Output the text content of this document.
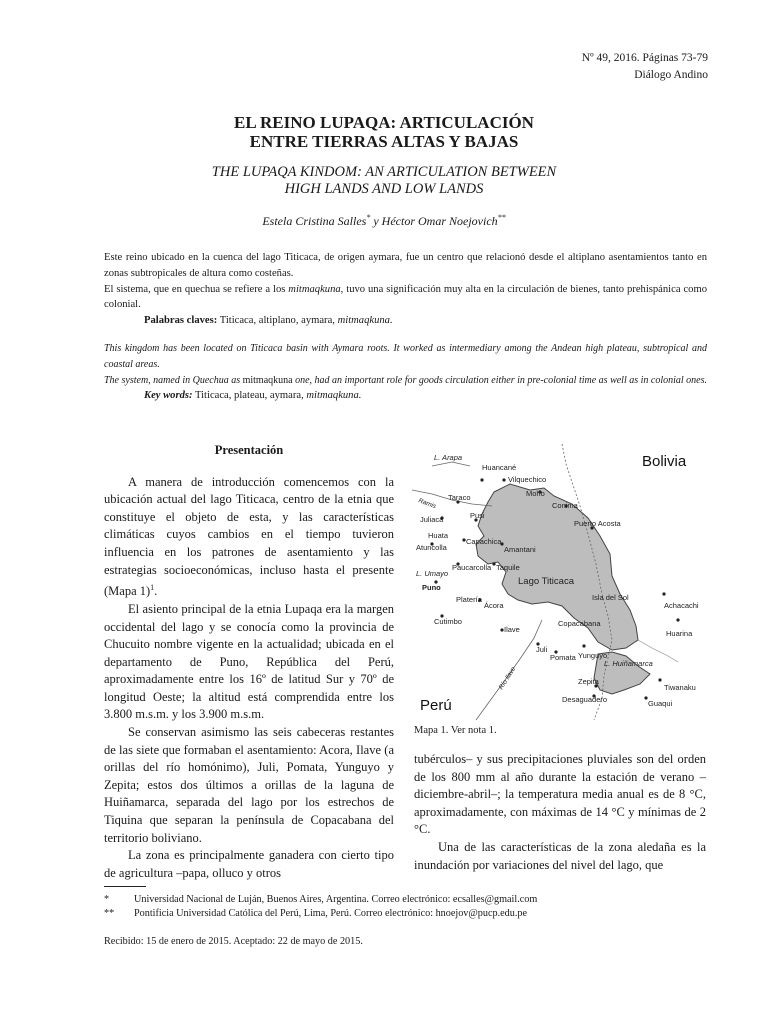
Nº 49, 2016. Páginas 73-79
Diálogo Andino
EL REINO LUPAQA: ARTICULACIÓN
ENTRE TIERRAS ALTAS Y BAJAS
THE LUPAQA KINDOM: AN ARTICULATION BETWEEN
HIGH LANDS AND LOW LANDS
Estela Cristina Salles* y Héctor Omar Noejovich**
Este reino ubicado en la cuenca del lago Titicaca, de origen aymara, fue un centro que relacionó desde el altiplano asentamientos tanto en zonas subtropicales de altura como costeñas.
El sistema, que en quechua se refiere a los mitmaqkuna, tuvo una significación muy alta en la circulación de bienes, tanto prehispánica como colonial.
Palabras claves: Titicaca, altiplano, aymara, mitmaqkuna.
This kingdom has been located on Titicaca basin with Aymara roots. It worked as intermediary among the Andean high plateau, subtropical and coastal areas.
The system, named in Quechua as mitmaqkuna one, had an important role for goods circulation either in pre-colonial time as well as in colonial ones.
Key words: Titicaca, plateau, aymara, mitmaqkuna.
Presentación

A manera de introducción comencemos con la ubicación actual del lago Titicaca, centro de la etnia que constituye el objeto de esta, y las características climáticas cuyos cambios en el tiempo tuvieron influencia en los patrones de asentamiento y las estrategias socioeconómicas, incluso hasta el presente (Mapa 1)$^1$.

El asiento principal de la etnia Lupaqa era la margen occidental del lago y se conocía como la provincia de Chucuito nombre vigente en la actualidad; ubicada en el departamento de Puno, República del Perú, aproximadamente entre los 16º de latitud Sur y 70º de longitud Oeste; la altitud está comprendida entre los 3.800 m.s.m. y los 3.900 m.s.m.

Se conservan asimismo las seis cabeceras restantes de las siete que formaban el asentamiento: Acora, Ilave (a orillas del río homónimo), Juli, Pomata, Yunguyo y Zepita; estos dos últimos a orillas de la laguna de Huiñamarca, separada del lago por los estrechos de Tiquina que separan la península de Copacabana del territorio boliviano.

La zona es principalmente ganadera con cierto tipo de agricultura –papa, olluco y otros

L. Arapa
Huancané
Vilquechico
Moho
Taraco
Conima
Pusi
Puerto Acosta
Juliaca
Huata
Capachica
Amantani
Atuncolla
Paucarcolla Taquile
L. Umayo
Puno
Platería
Ácora
Isla del Sol
Achacachi
Cutimbo
Ilave
Copacabana
Huarina
Juli
Pomata Yunguyo
L. Huiñamarca
Zepita
Tiwanaku
Desaguadero	Guaqui
Ramis
Río Ilave
Lago Titicaca
Bolivia
Perú
Mapa 1. Ver nota 1.

tubérculos– y sus precipitaciones pluviales son del orden de los 800 mm al año durante la estación de verano –diciembre-abril–; la temperatura media anual es de 8 °C, aproximadamente, con máximas de 14 °C y mínimas de 2 °C.

Una de las características de la zona aledaña es la inundación por variaciones del nivel del lago, que

* Universidad Nacional de Luján, Buenos Aires, Argentina. Correo electrónico: ecsalles@gmail.com
** Pontificia Universidad Católica del Perú, Lima, Perú. Correo electrónico: hnoejov@pucp.edu.pe
Recibido: 15 de enero de 2015. Aceptado: 22 de mayo de 2015.
